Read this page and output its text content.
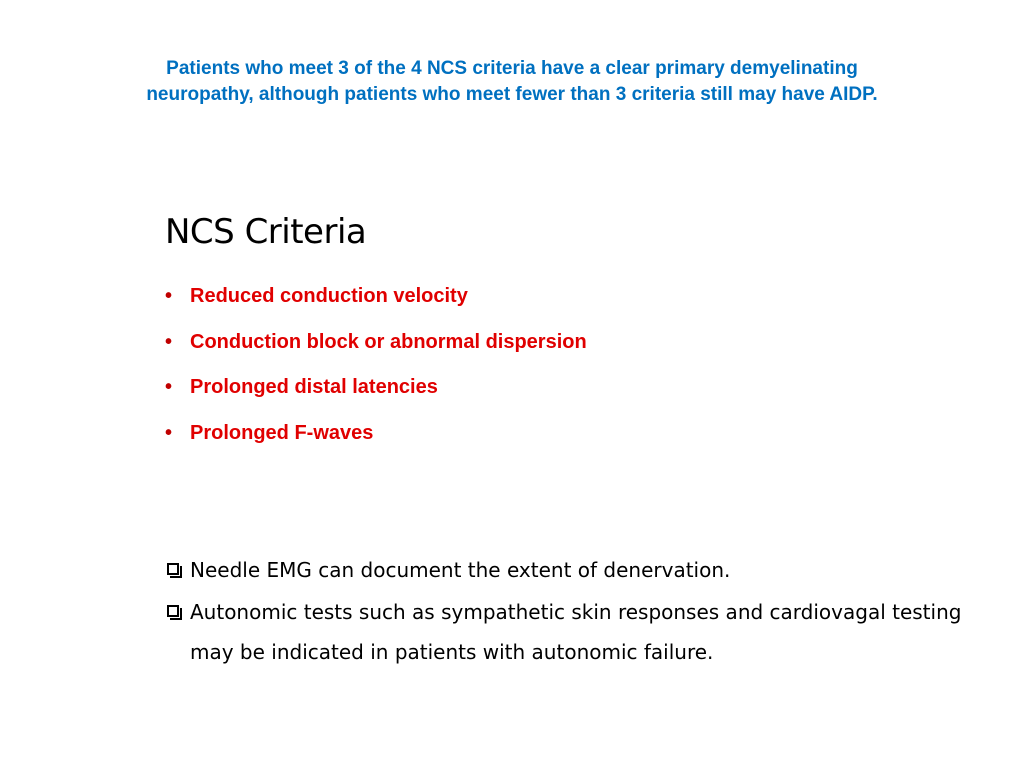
Patients who meet 3 of the 4 NCS criteria have a clear primary demyelinating
neuropathy, although patients who meet fewer than 3 criteria still may have AIDP.

NCS Criteria
• Reduced conduction velocity
• Conduction block or abnormal dispersion
• Prolonged distal latencies
• Prolonged F-waves
Needle EMG can document the extent of denervation.
Autonomic tests such as sympathetic skin responses and cardiovagal testing may be indicated in patients with autonomic failure.
